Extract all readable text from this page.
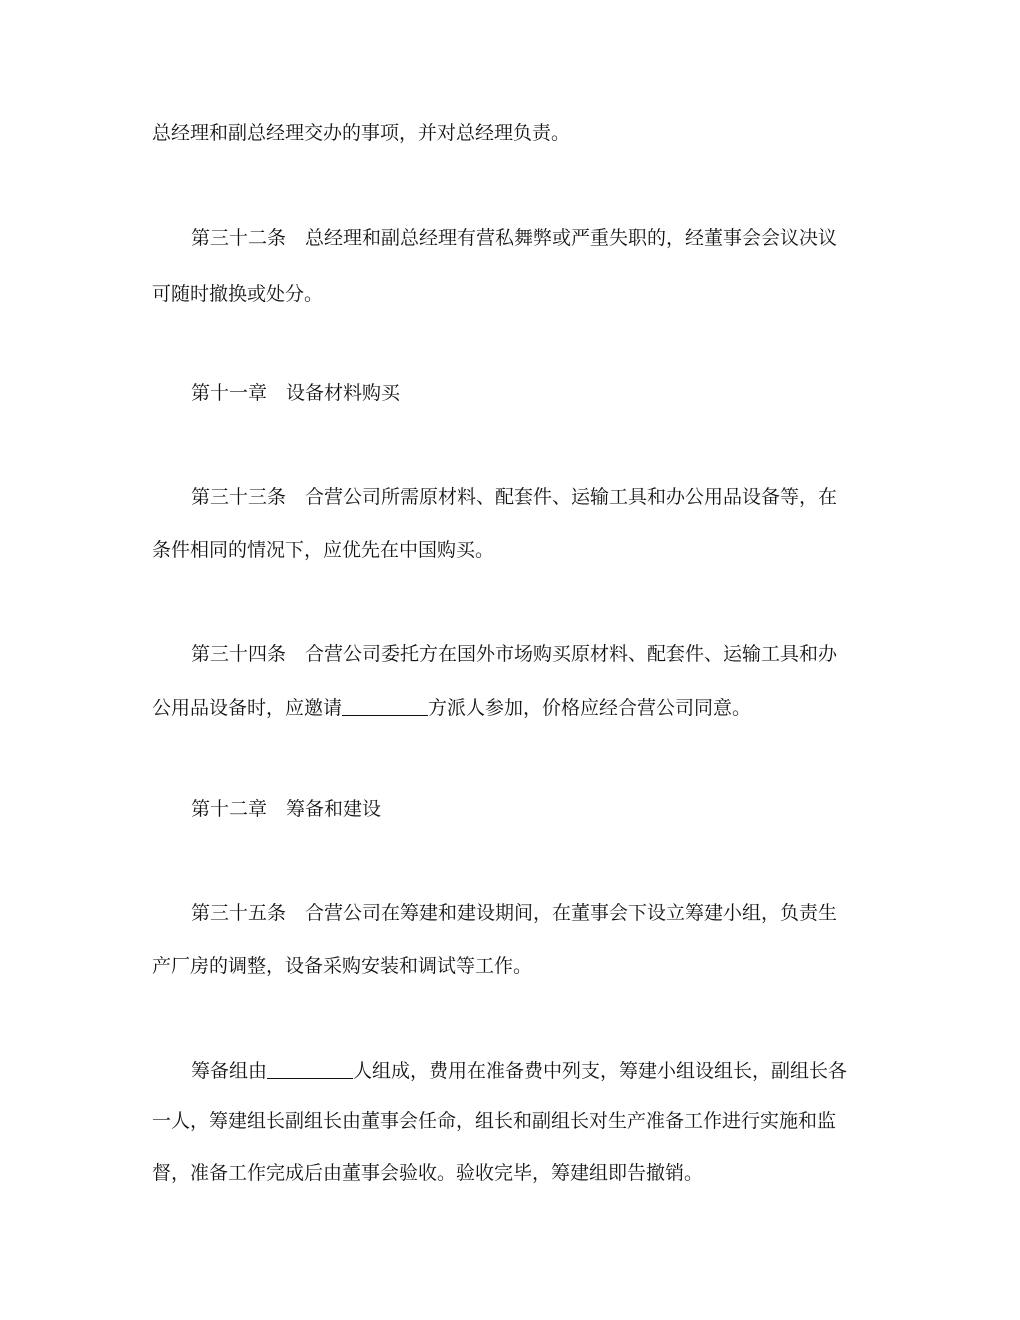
总经理和副总经理交办的事项，并对总经理负责。
第三十二条　总经理和副总经理有营私舞弊或严重失职的，经董事会会议决议
可随时撤换或处分。
第十一章　设备材料购买
第三十三条　合营公司所需原材料、配套件、运输工具和办公用品设备等，在
条件相同的情况下，应优先在中国购买。
第三十四条　合营公司委托方在国外市场购买原材料、配套件、运输工具和办
公用品设备时，应邀请	方派人参加，价格应经合营公司同意。
第十二章　筹备和建设
第三十五条　合营公司在筹建和建设期间，在董事会下设立筹建小组，负责生
产厂房的调整，设备采购安装和调试等工作。
筹备组由	人组成，费用在准备费中列支，筹建小组设组长，副组长各
一人，筹建组长副组长由董事会任命，组长和副组长对生产准备工作进行实施和监
督，准备工作完成后由董事会验收。验收完毕，筹建组即告撤销。
